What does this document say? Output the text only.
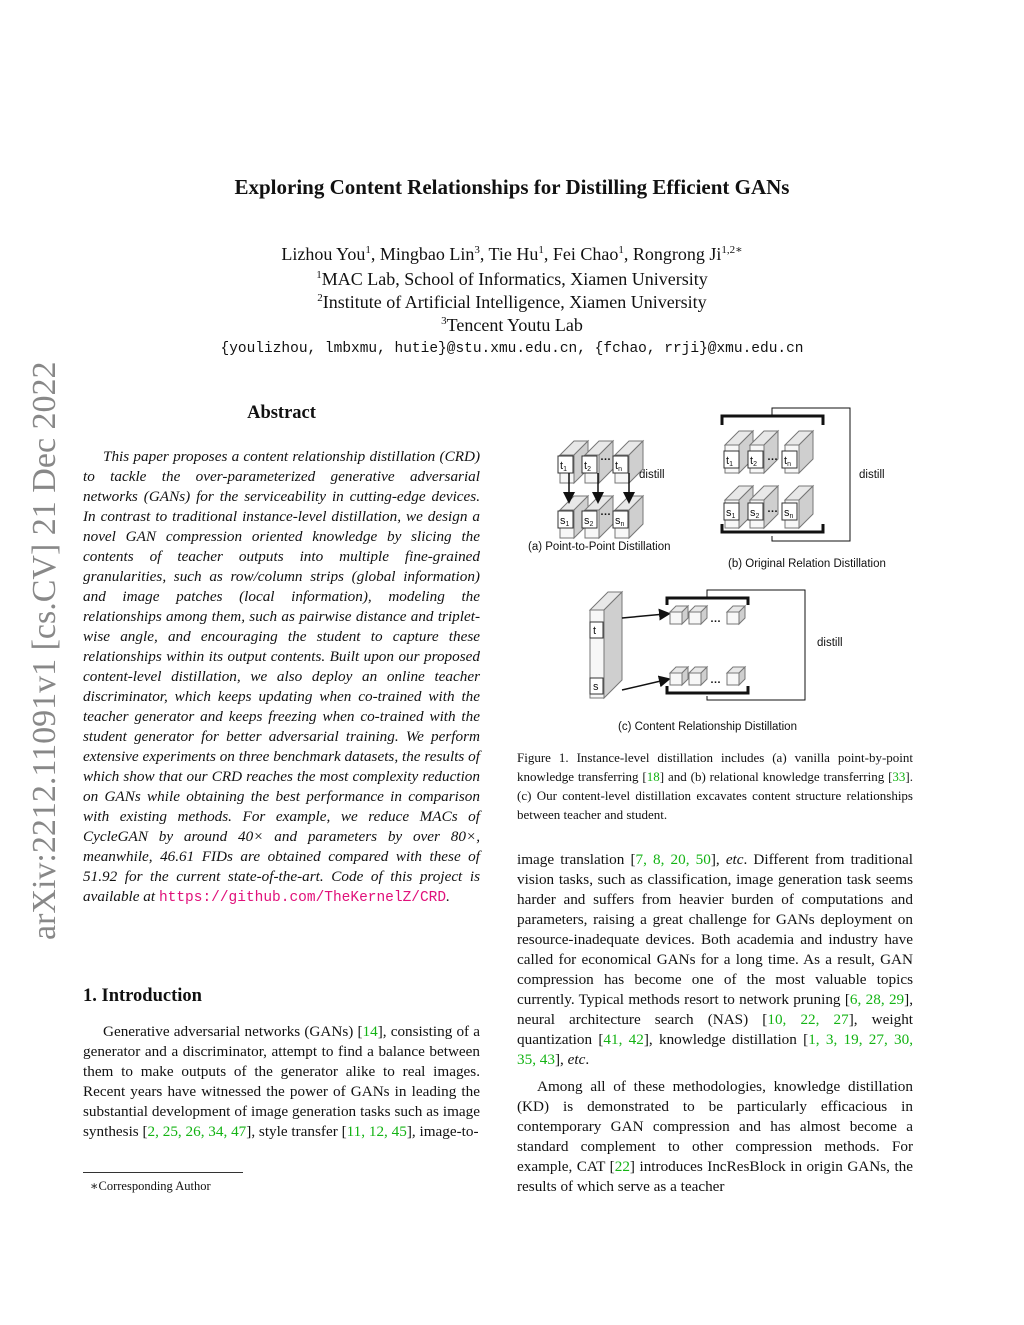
arXiv:2212.11091v1 [cs.CV] 21 Dec 2022
Exploring Content Relationships for Distilling Efficient GANs
Lizhou You$^1$, Mingbao Lin$^3$, Tie Hu$^1$, Fei Chao$^1$, Rongrong $Ji^{1,2∗}$
$^1$MAC Lab, School of Informatics, Xiamen University
$^2$Institute of Artificial Intelligence, Xiamen University
$^3$Tencent Youtu Lab
{youlizhou, lmbxmu, hutie}@stu.xmu.edu.cn, {fchao, rrji}@xmu.edu.cn
Abstract
This paper proposes a content relationship distillation (CRD) to tackle the over-parameterized generative adversarial networks (GANs) for the serviceability in cutting-edge devices. In contrast to traditional instance-level distillation, we design a novel GAN compression oriented knowledge by slicing the contents of teacher outputs into multiple fine-grained granularities, such as row/column strips (global information) and image patches (local information), modeling the relationships among them, such as pairwise distance and triplet-wise angle, and encouraging the student to capture these relationships within its output contents. Built upon our proposed content-level distillation, we also deploy an online teacher discriminator, which keeps updating when co-trained with the teacher generator and keeps freezing when co-trained with the student generator for better adversarial training. We perform extensive experiments on three benchmark datasets, the results of which show that our CRD reaches the most complexity reduction on GANs while obtaining the best performance in comparison with existing methods. For example, we reduce MACs of CycleGAN by around 40× and parameters by over 80×, meanwhile, 46.61 FIDs are obtained compared with these of 51.92 for the current state-of-the-art. Code of this project is available at https://github.com/TheKernelZ/CRD.
1. Introduction
Generative adversarial networks (GANs) [14], consisting of a generator and a discriminator, attempt to find a balance between them to make outputs of the generator alike to real images. Recent years have witnessed the power of GANs in leading the substantial development of image generation tasks such as image synthesis [2, 25, 26, 34, 47], style transfer [11, 12, 45], image-to-
∗Corresponding Author
t1 t2 tn
s1 s2 sn
…
…
distill
(a) Point-to-Point Distillation
t1 t2 tn
s1 s2 sn
…
…
distill
(b) Original Relation Distillation
t
s
…
…
distill
(c) Content Relationship Distillation
Figure 1. Instance-level distillation includes (a) vanilla point-by-point knowledge transferring [18] and (b) relational knowledge transferring [33]. (c) Our content-level distillation excavates content structure relationships between teacher and student.

image translation [7, 8, 20, 50], etc. Different from traditional vision tasks, such as classification, image generation task seems harder and suffers from heavier burden of computations and parameters, raising a great challenge for GANs deployment on resource-inadequate devices. Both academia and industry have called for economical GANs for a long time. As a result, GAN compression has become one of the most valuable topics currently. Typical methods resort to network pruning [6, 28, 29], neural architecture search (NAS) [10, 22, 27], weight quantization [41, 42], knowledge distillation [1, 3, 19, 27, 30, 35, 43], etc.

Among all of these methodologies, knowledge distillation (KD) is demonstrated to be particularly efficacious in contemporary GAN compression and has almost become a standard complement to other compression methods. For example, CAT [22] introduces IncResBlock in origin GANs, the results of which serve as a teacher
